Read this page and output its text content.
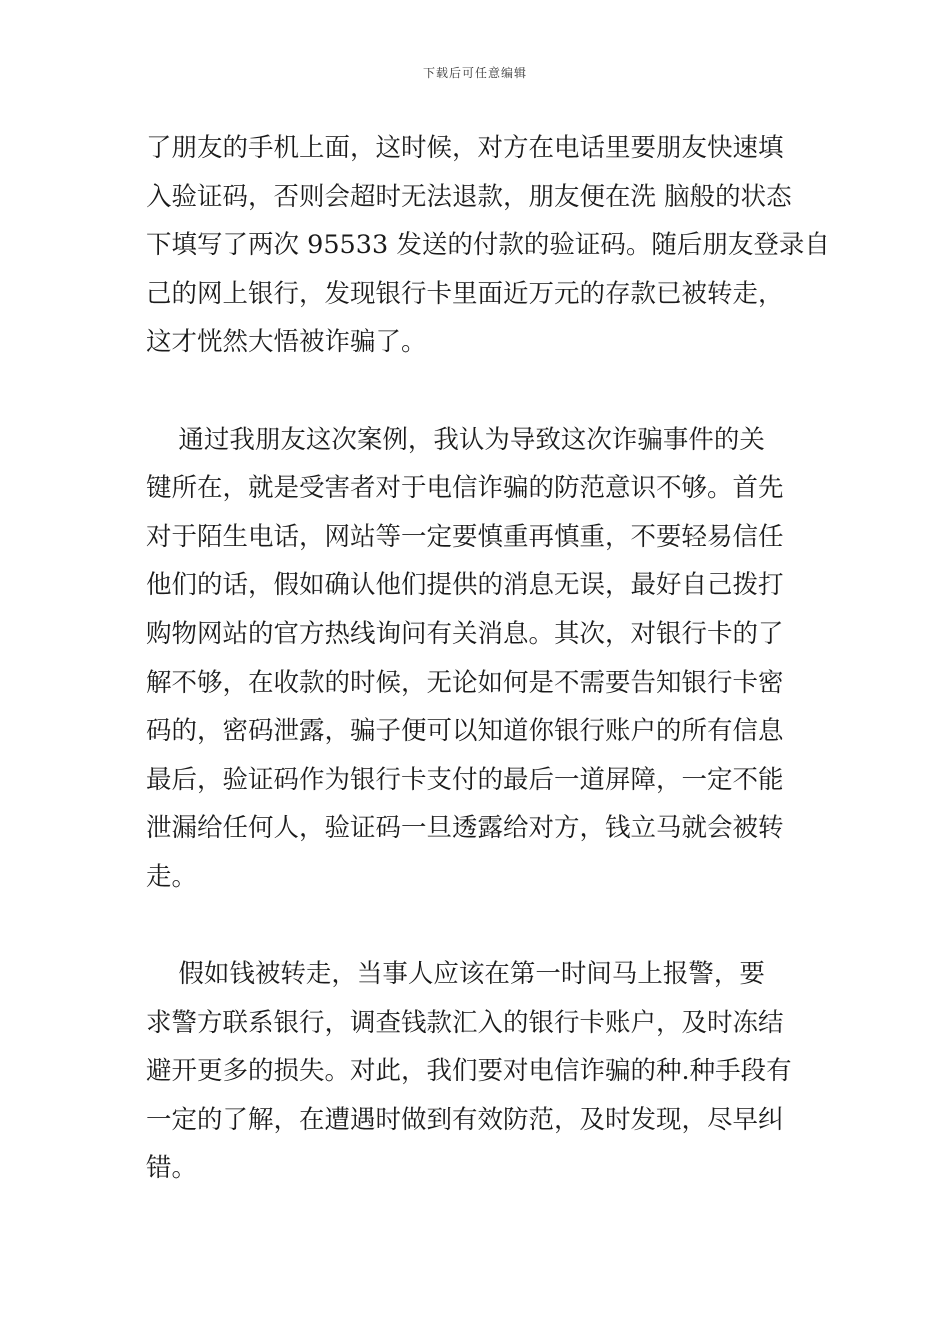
下载后可任意编辑
了朋友的手机上面，这时候，对方在电话里要朋友快速填
入验证码，否则会超时无法退款，朋友便在洗 脑般的状态
下填写了两次 95533 发送的付款的验证码。随后朋友登录自
己的网上银行，发现银行卡里面近万元的存款已被转走，
这才恍然大悟被诈骗了。
通过我朋友这次案例，我认为导致这次诈骗事件的关
键所在，就是受害者对于电信诈骗的防范意识不够。首先
对于陌生电话，网站等一定要慎重再慎重，不要轻易信任
他们的话，假如确认他们提供的消息无误，最好自己拨打
购物网站的官方热线询问有关消息。其次，对银行卡的了
解不够，在收款的时候，无论如何是不需要告知银行卡密
码的，密码泄露，骗子便可以知道你银行账户的所有信息
最后，验证码作为银行卡支付的最后一道屏障，一定不能
泄漏给任何人，验证码一旦透露给对方，钱立马就会被转
走。
假如钱被转走，当事人应该在第一时间马上报警，要
求警方联系银行，调查钱款汇入的银行卡账户，及时冻结
避开更多的损失。对此，我们要对电信诈骗的种.种手段有
一定的了解，在遭遇时做到有效防范，及时发现，尽早纠
错。
